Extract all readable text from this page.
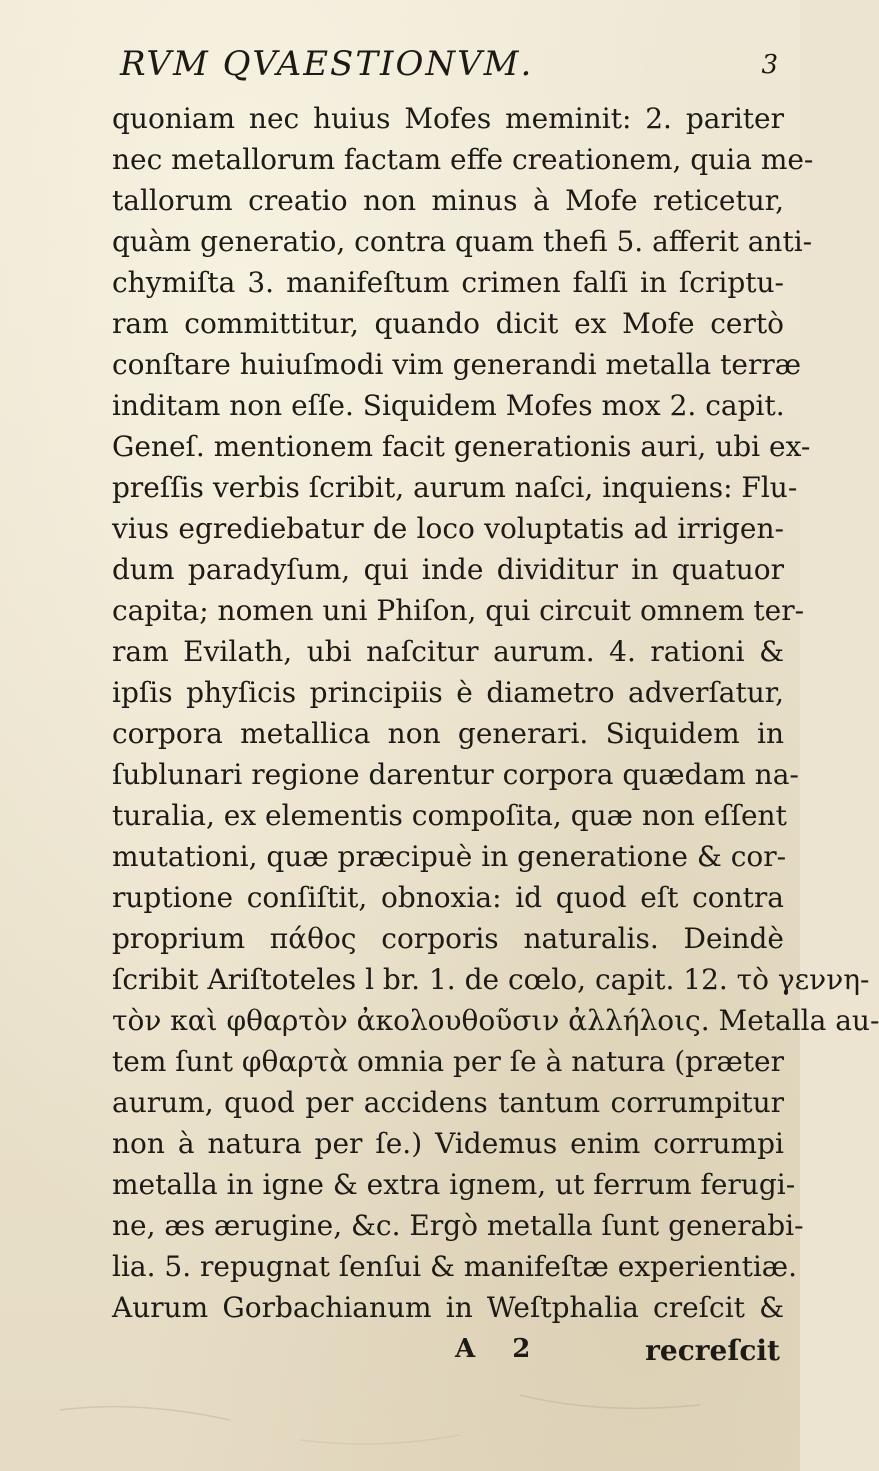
RVM QVAESTIONVM.	3
quoniam nec huius Mofes meminit: 2. pariter
nec metallorum factam effe creationem, quia me-
tallorum creatio non minus à Mofe reticetur,
quàm generatio, contra quam thefi 5. afferit anti-
chymiſta 3. manifeſtum crimen falſi in ſcriptu-
ram committitur, quando dicit ex Mofe certò
conſtare huiuſmodi vim generandi metalla terræ
inditam non eſſe. Siquidem Mofes mox 2. capit.
Geneſ. mentionem facit generationis auri, ubi ex-
preſſis verbis ſcribit, aurum naſci, inquiens: Flu-
vius egrediebatur de loco voluptatis ad irrigen-
dum paradyſum, qui inde dividitur in quatuor
capita; nomen uni Phiſon, qui circuit omnem ter-
ram Evilath, ubi naſcitur aurum. 4. rationi &
ipſis phyſicis principiis è diametro adverſatur,
corpora metallica non generari. Siquidem in
ſublunari regione darentur corpora quædam na-
turalia, ex elementis compoſita, quæ non eſſent
mutationi, quæ præcipuè in generatione & cor-
ruptione conſiſtit, obnoxia: id quod eſt contra
proprium πάθος corporis naturalis. Deindè
ſcribit Ariſtoteles l br. 1. de cœlo, capit. 12. τὸ γεννη-
τὸν καὶ φθαρτὸν ἀκολουθοῦσιν ἀλλήλοις. Metalla au-
tem ſunt φθαρτὰ omnia per ſe à natura (præter
aurum, quod per accidens tantum corrumpitur
non à natura per ſe.) Videmus enim corrumpi
metalla in igne & extra ignem, ut ferrum ferugi-
ne, æs ærugine, &c. Ergò metalla ſunt generabi-
lia. 5. repugnat ſenſui & manifeſtæ experientiæ.
Aurum Gorbachianum in Weſtphalia creſcit &
A 2	recreſcit
